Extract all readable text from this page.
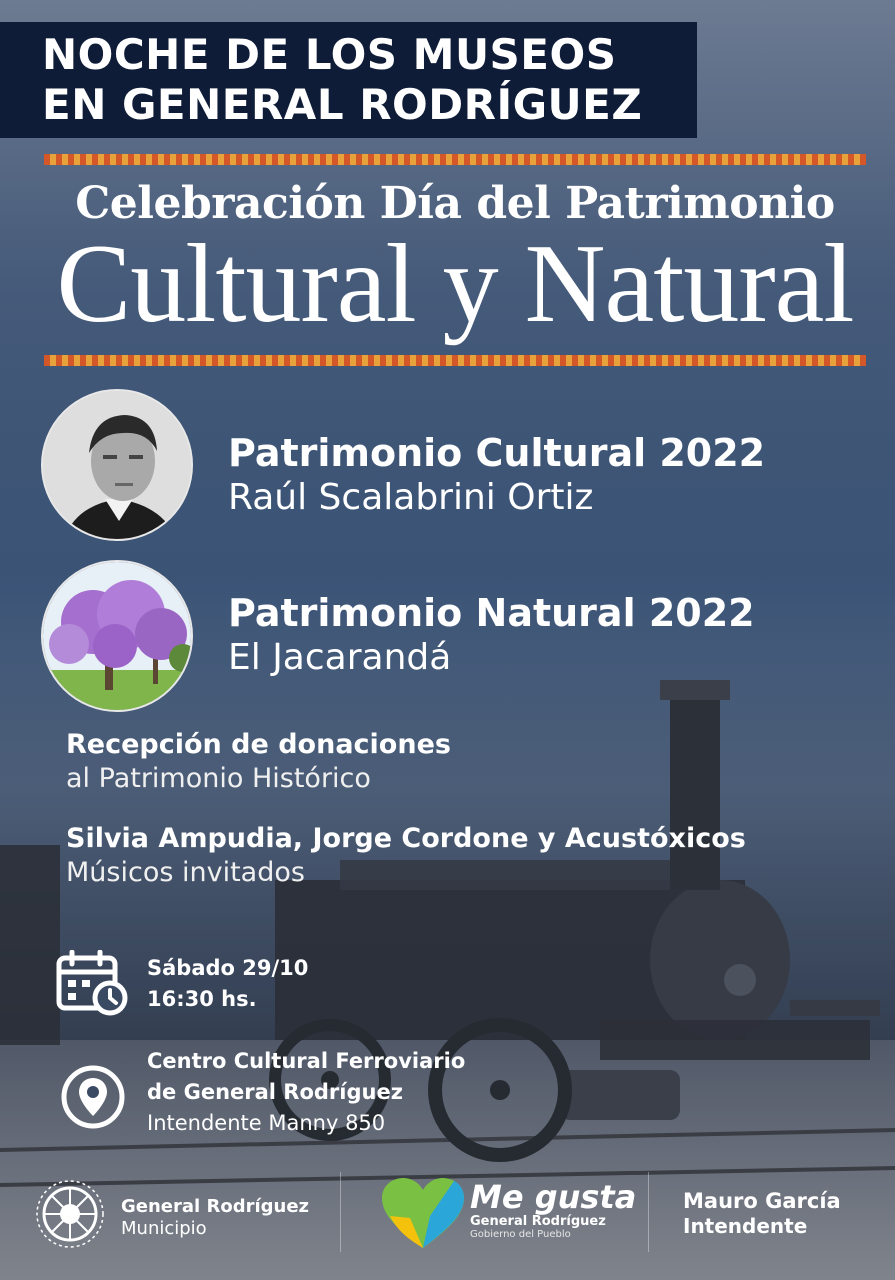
NOCHE DE LOS MUSEOS
EN GENERAL RODRÍGUEZ
Celebración Día del Patrimonio
Cultural y Natural
Patrimonio Cultural 2022
Raúl Scalabrini Ortiz
Patrimonio Natural 2022
El Jacarandá
Recepción de donaciones
al Patrimonio Histórico
Silvia Ampudia, Jorge Cordone y Acustóxicos
Músicos invitados
Sábado 29/10
16:30 hs.
Centro Cultural Ferroviario
de General Rodríguez
Intendente Manny 850
General Rodríguez
Municipio
Me gusta
General Rodríguez
Gobierno del Pueblo
Mauro García
Intendente
